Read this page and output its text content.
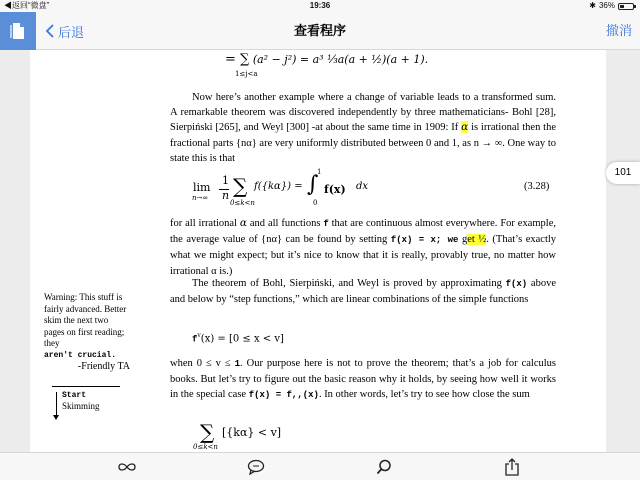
◀返回“微盘”	19:36	✱ 36%
后退	查看程序	撤消
= ∑ (a² − j²) = a³ ⅓a(a + ½)(a + 1).
1≤j<a
Now here’s another example where a change of variable leads to a transformed sum. A remarkable theorem was discovered independently by three mathematicians- Bohl [28], Sierpiński [265], and Weyl [300] -at about the same time in 1909: If α is irrational then the fractional parts {nα} are very uniformly distributed between 0 and 1, as n → ∞. One way to state this is that
lim
n→∞
1
n ∑
0≤k<n
f({kα}) = ∫
1
0
f(x) dx	(3.28)
for all irrational α and all functions f that are continuous almost everywhere. For example, the average value of {nα} can be found by setting f(x) = x; we get ½. (That’s exactly what we might expect; but it’s nice to know that it is really, provably true, no matter how irrational α is.)
The theorem of Bohl, Sierpiński, and Weyl is proved by approximating f(x) above and below by “step functions,” which are linear combinations of the simple functions
$f^v(x) = [0 \le x < v]$
when 0 ≤ v ≤ 1. Our purpose here is not to prove the theorem; that’s a job for calculus books. But let’s try to figure out the basic reason why it holds, by seeing how well it works in the special case f(x) = f,,(x). In other words, let’s try to see how close the sum
∑
0≤k<n
[{kα} < v]
Warning: This stuff is fairly advanced. Better skim the next two pages on first reading; they
aren't crucial.
-Friendly TA
Start
Skimming
101
